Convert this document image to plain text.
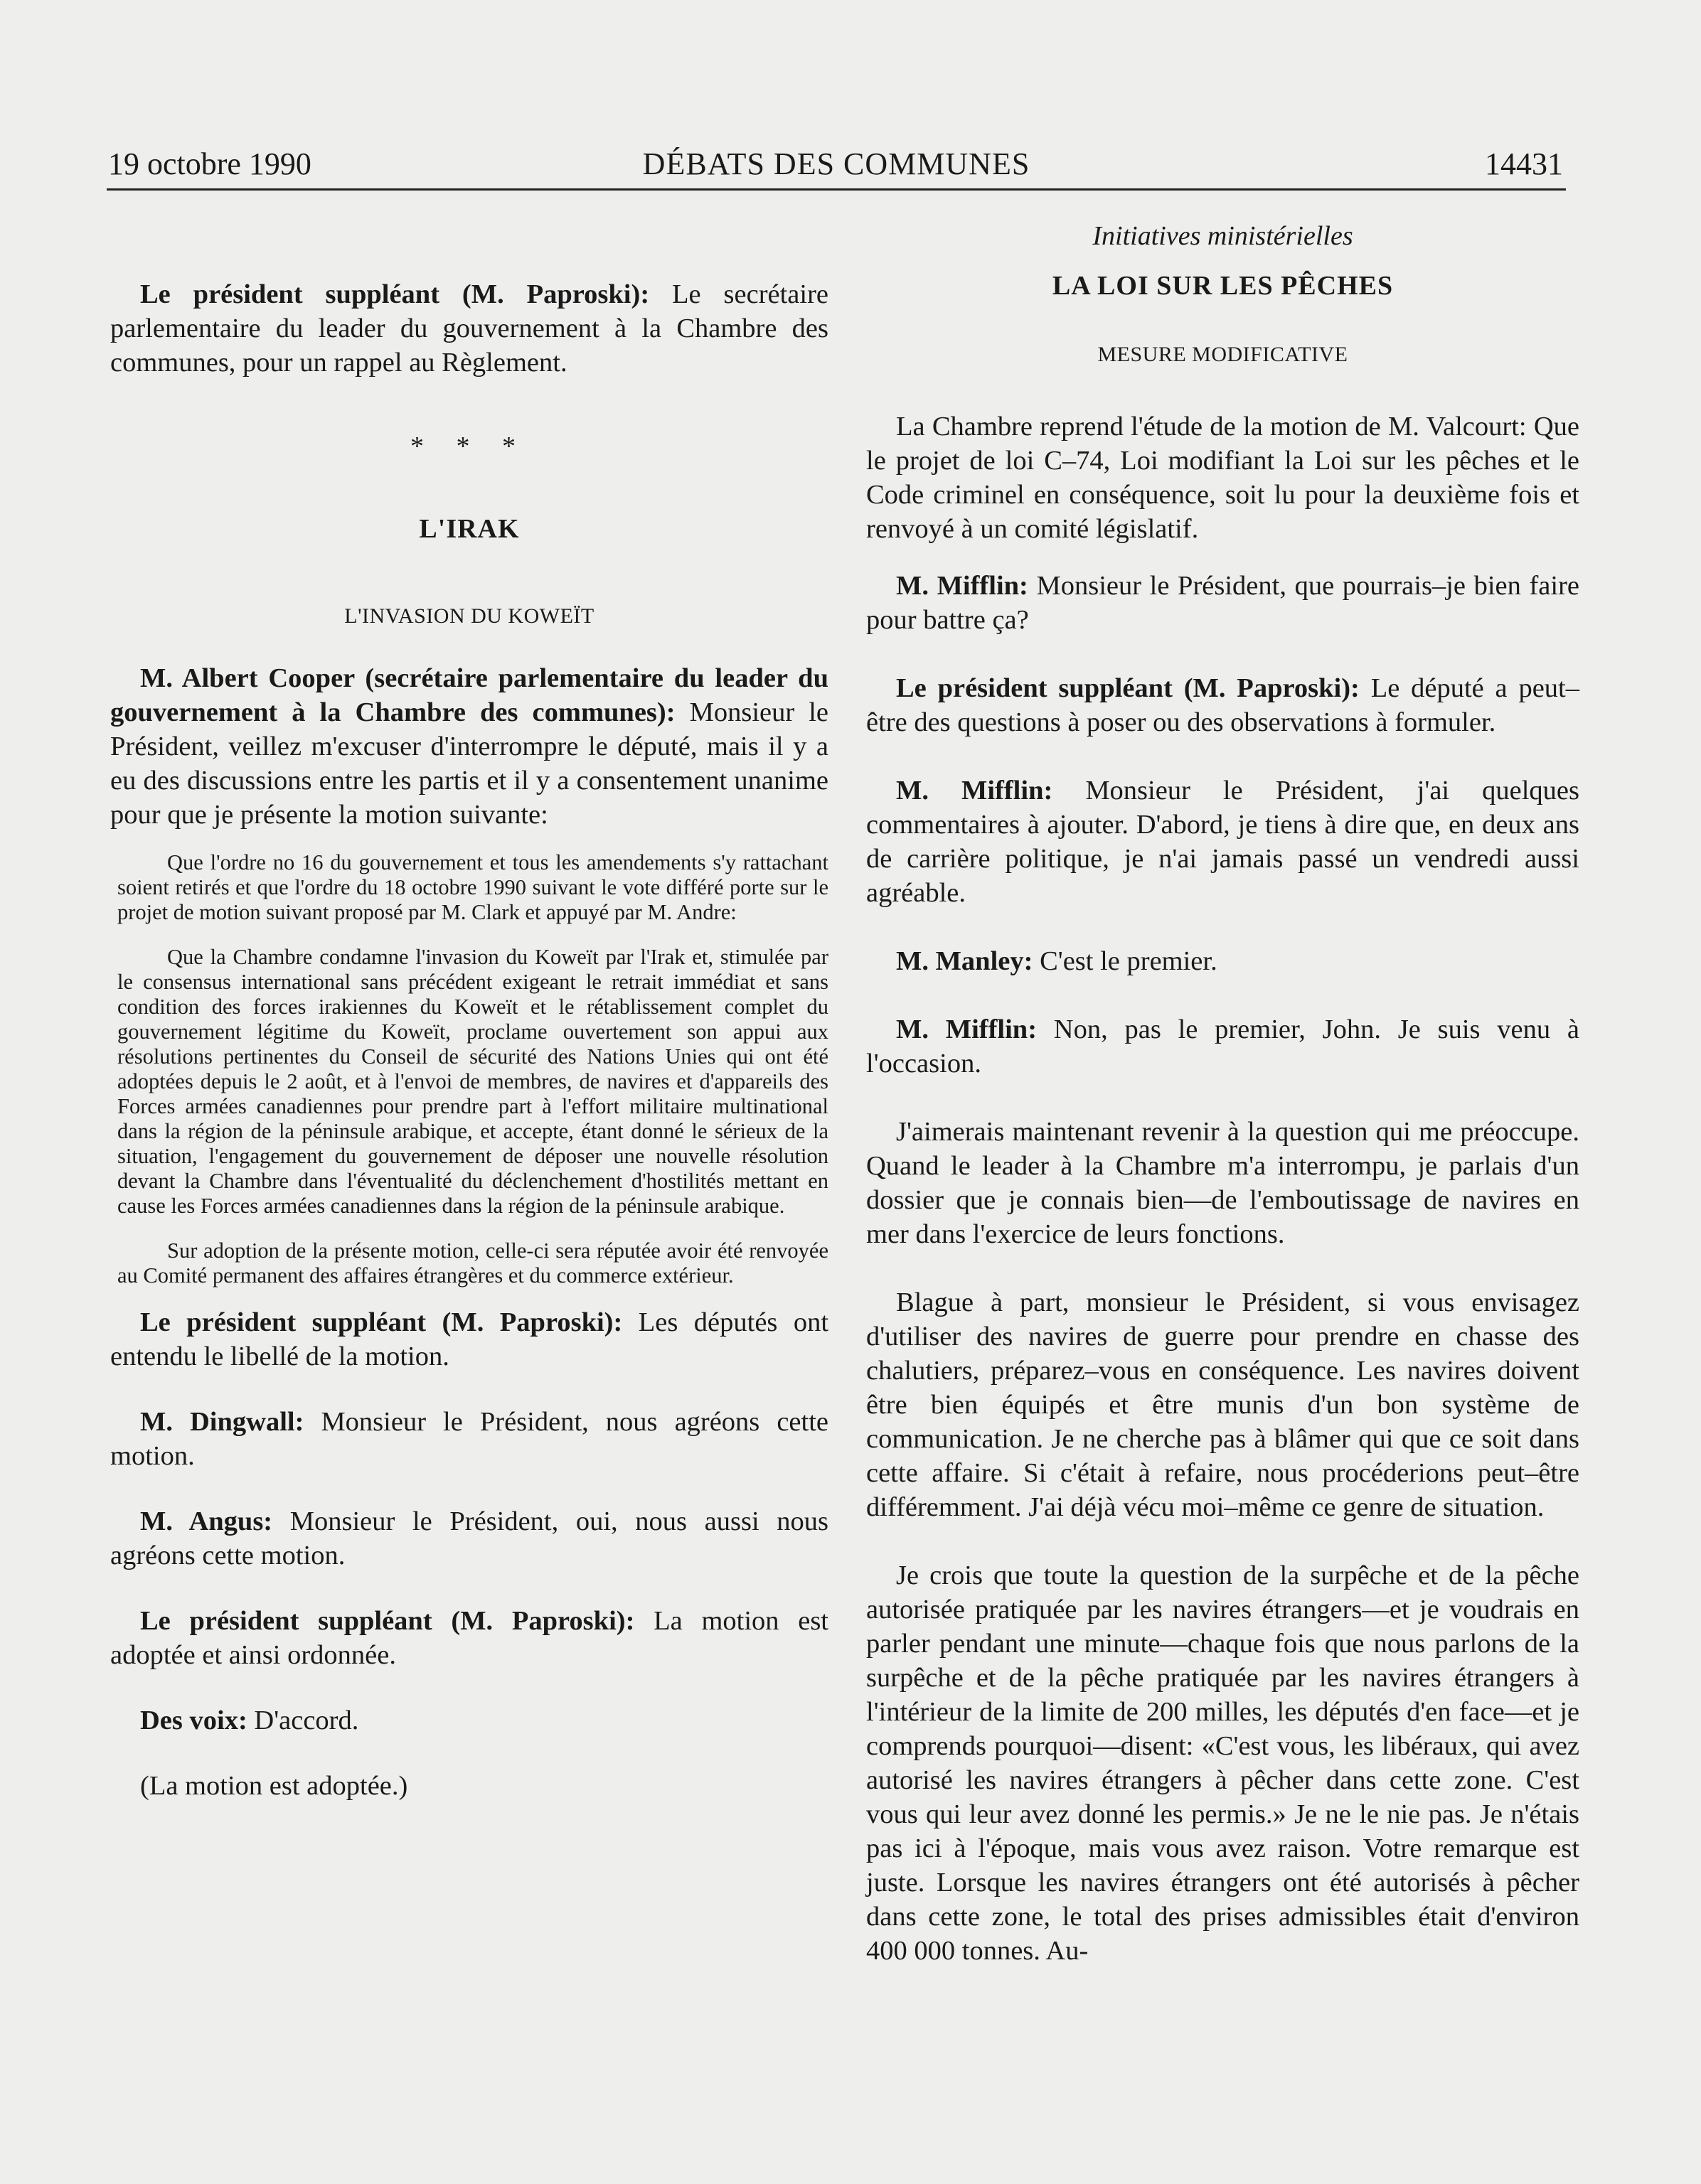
19 octobre 1990	DÉBATS DES COMMUNES	14431

Le président suppléant (M. Paproski): Le secrétaire parlementaire du leader du gouvernement à la Chambre des communes, pour un rappel au Règlement.

* * *

L'IRAK

L'INVASION DU KOWEÏT

M. Albert Cooper (secrétaire parlementaire du leader du gouvernement à la Chambre des communes): Monsieur le Président, veillez m'excuser d'interrompre le député, mais il y a eu des discussions entre les partis et il y a consentement unanime pour que je présente la motion suivante:

Que l'ordre no 16 du gouvernement et tous les amendements s'y rattachant soient retirés et que l'ordre du 18 octobre 1990 suivant le vote différé porte sur le projet de motion suivant proposé par M. Clark et appuyé par M. Andre:

Que la Chambre condamne l'invasion du Koweït par l'Irak et, stimulée par le consensus international sans précédent exigeant le retrait immédiat et sans condition des forces irakiennes du Koweït et le rétablissement complet du gouvernement légitime du Koweït, proclame ouvertement son appui aux résolutions pertinentes du Conseil de sécurité des Nations Unies qui ont été adoptées depuis le 2 août, et à l'envoi de membres, de navires et d'appareils des Forces armées canadiennes pour prendre part à l'effort militaire multinational dans la région de la péninsule arabique, et accepte, étant donné le sérieux de la situation, l'engagement du gouvernement de déposer une nouvelle résolution devant la Chambre dans l'éventualité du déclenchement d'hostilités mettant en cause les Forces armées canadiennes dans la région de la péninsule arabique.

Sur adoption de la présente motion, celle-ci sera réputée avoir été renvoyée au Comité permanent des affaires étrangères et du commerce extérieur.

Le président suppléant (M. Paproski): Les députés ont entendu le libellé de la motion.

M. Dingwall: Monsieur le Président, nous agréons cette motion.

M. Angus: Monsieur le Président, oui, nous aussi nous agréons cette motion.

Le président suppléant (M. Paproski): La motion est adoptée et ainsi ordonnée.

Des voix: D'accord.

(La motion est adoptée.)

Initiatives ministérielles

LA LOI SUR LES PÊCHES

MESURE MODIFICATIVE

La Chambre reprend l'étude de la motion de M. Valcourt: Que le projet de loi C–74, Loi modifiant la Loi sur les pêches et le Code criminel en conséquence, soit lu pour la deuxième fois et renvoyé à un comité législatif.

M. Mifflin: Monsieur le Président, que pourrais–je bien faire pour battre ça?

Le président suppléant (M. Paproski): Le député a peut–être des questions à poser ou des observations à formuler.

M. Mifflin: Monsieur le Président, j'ai quelques commentaires à ajouter. D'abord, je tiens à dire que, en deux ans de carrière politique, je n'ai jamais passé un vendredi aussi agréable.

M. Manley: C'est le premier.

M. Mifflin: Non, pas le premier, John. Je suis venu à l'occasion.

J'aimerais maintenant revenir à la question qui me préoccupe. Quand le leader à la Chambre m'a interrompu, je parlais d'un dossier que je connais bien—de l'emboutissage de navires en mer dans l'exercice de leurs fonctions.

Blague à part, monsieur le Président, si vous envisagez d'utiliser des navires de guerre pour prendre en chasse des chalutiers, préparez–vous en conséquence. Les navires doivent être bien équipés et être munis d'un bon système de communication. Je ne cherche pas à blâmer qui que ce soit dans cette affaire. Si c'était à refaire, nous procéderions peut–être différemment. J'ai déjà vécu moi–même ce genre de situation.

Je crois que toute la question de la surpêche et de la pêche autorisée pratiquée par les navires étrangers—et je voudrais en parler pendant une minute—chaque fois que nous parlons de la surpêche et de la pêche pratiquée par les navires étrangers à l'intérieur de la limite de 200 milles, les députés d'en face—et je comprends pourquoi—disent: «C'est vous, les libéraux, qui avez autorisé les navires étrangers à pêcher dans cette zone. C'est vous qui leur avez donné les permis.» Je ne le nie pas. Je n'étais pas ici à l'époque, mais vous avez raison. Votre remarque est juste. Lorsque les navires étrangers ont été autorisés à pêcher dans cette zone, le total des prises admissibles était d'environ 400 000 tonnes. Au-
